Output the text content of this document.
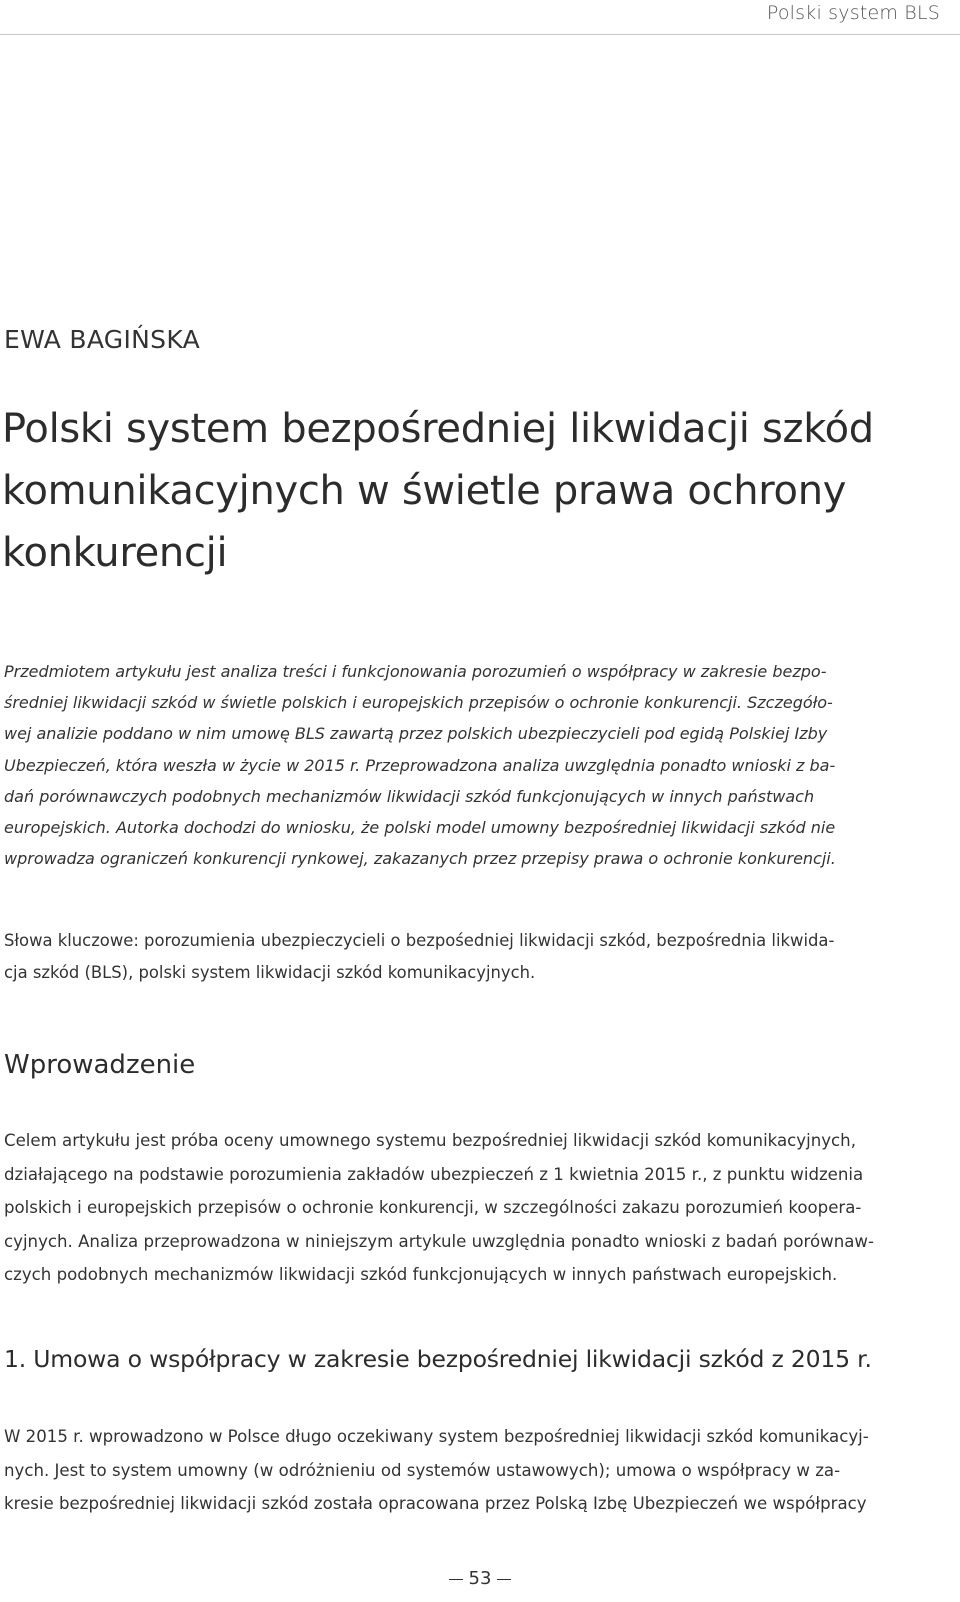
Polski system BLS
EWA BAGIŃSKA
Polski system bezpośredniej likwidacji szkód
komunikacyjnych w świetle prawa ochrony
konkurencji
Przedmiotem artykułu jest analiza treści i funkcjonowania porozumień o współpracy w zakresie bezpo-
średniej likwidacji szkód w świetle polskich i europejskich przepisów o ochronie konkurencji. Szczegóło-
wej analizie poddano w nim umowę BLS zawartą przez polskich ubezpieczycieli pod egidą Polskiej Izby
Ubezpieczeń, która weszła w życie w 2015 r. Przeprowadzona analiza uwzględnia ponadto wnioski z ba-
dań porównawczych podobnych mechanizmów likwidacji szkód funkcjonujących w innych państwach
europejskich. Autorka dochodzi do wniosku, że polski model umowny bezpośredniej likwidacji szkód nie
wprowadza ograniczeń konkurencji rynkowej, zakazanych przez przepisy prawa o ochronie konkurencji.
Słowa kluczowe: porozumienia ubezpieczycieli o bezpośedniej likwidacji szkód, bezpośrednia likwida-
cja szkód (BLS), polski system likwidacji szkód komunikacyjnych.
Wprowadzenie
Celem artykułu jest próba oceny umownego systemu bezpośredniej likwidacji szkód komunikacyjnych,
działającego na podstawie porozumienia zakładów ubezpieczeń z 1 kwietnia 2015 r., z punktu widzenia
polskich i europejskich przepisów o ochronie konkurencji, w szczególności zakazu porozumień koopera-
cyjnych. Analiza przeprowadzona w niniejszym artykule uwzględnia ponadto wnioski z badań porównaw-
czych podobnych mechanizmów likwidacji szkód funkcjonujących w innych państwach europejskich.
1. Umowa o współpracy w zakresie bezpośredniej likwidacji szkód z 2015 r.
W 2015 r. wprowadzono w Polsce długo oczekiwany system bezpośredniej likwidacji szkód komunikacyj-
nych. Jest to system umowny (w odróżnieniu od systemów ustawowych); umowa o współpracy w za-
kresie bezpośredniej likwidacji szkód została opracowana przez Polską Izbę Ubezpieczeń we współpracy
53
